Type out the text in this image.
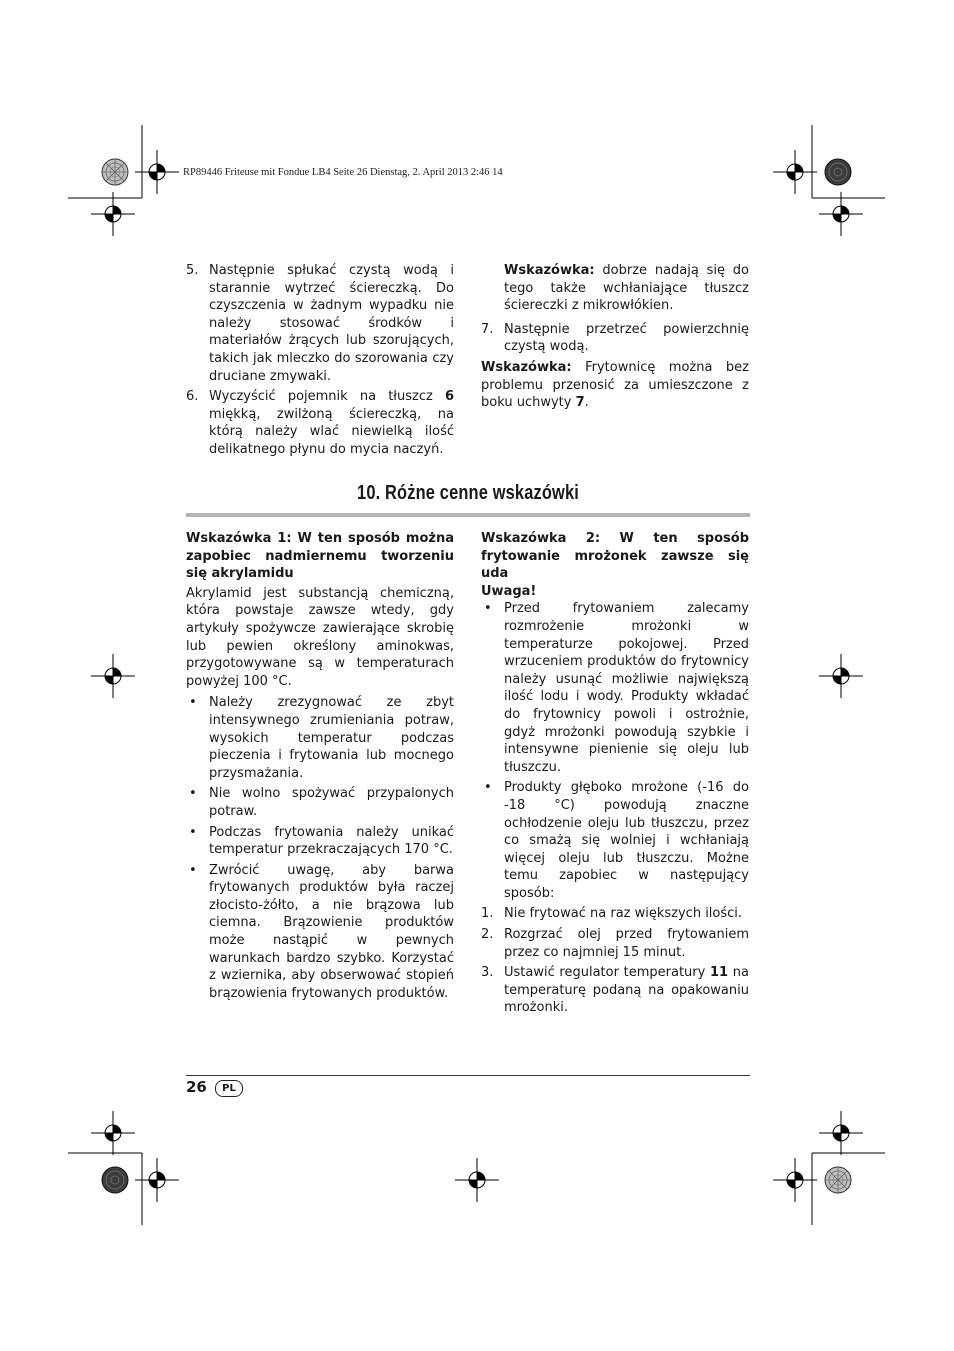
RP89446 Friteuse mit Fondue LB4 Seite 26 Dienstag, 2. April 2013 2:46 14
5. Następnie spłukać czystą wodą i starannie wytrzeć ściereczką. Do czyszczenia w żadnym wypadku nie należy stosować środków i materiałów żrących lub szorujących, takich jak mleczko do szorowania czy druciane zmywaki.
6. Wyczyścić pojemnik na tłuszcz 6 miękką, zwilżoną ściereczką, na którą należy wlać niewielką ilość delikatnego płynu do mycia naczyń.

Wskazówka: dobrze nadają się do tego także wchłaniające tłuszcz ściereczki z mikrowłókien.

7. Następnie przetrzeć powierzchnię czystą wodą.

Wskazówka: Frytownicę można bez problemu przenosić za umieszczone z boku uchwyty 7.

10. Różne cenne wskazówki

Wskazówka 1: W ten sposób można zapobiec nadmiernemu tworzeniu się akrylamidu

Akrylamid jest substancją chemiczną, która powstaje zawsze wtedy, gdy artykuły spożywcze zawierające skrobię lub pewien określony aminokwas, przygotowywane są w temperaturach powyżej 100 °C.

• Należy zrezygnować ze zbyt intensywnego zrumieniania potraw, wysokich temperatur podczas pieczenia i frytowania lub mocnego przysmażania.
• Nie wolno spożywać przypalonych potraw.
• Podczas frytowania należy unikać temperatur przekraczających 170 °C.
• Zwrócić uwagę, aby barwa frytowanych produktów była raczej złocisto-żółto, a nie brązowa lub ciemna. Brązowienie produktów może nastąpić w pewnych warunkach bardzo szybko. Korzystać z wziernika, aby obserwować stopień brązowienia frytowanych produktów.

Wskazówka 2: W ten sposób frytowanie mrożonek zawsze się uda

Uwaga!

• Przed frytowaniem zalecamy rozmrożenie mrożonki w temperaturze pokojowej. Przed wrzuceniem produktów do frytownicy należy usunąć możliwie największą ilość lodu i wody. Produkty wkładać do frytownicy powoli i ostrożnie, gdyż mrożonki powodują szybkie i intensywne pienienie się oleju lub tłuszczu.
• Produkty głęboko mrożone (-16 do -18 °C) powodują znaczne ochłodzenie oleju lub tłuszczu, przez co smażą się wolniej i wchłaniają więcej oleju lub tłuszczu. Możne temu zapobiec w następujący sposób:
1. Nie frytować na raz większych ilości.
2. Rozgrzać olej przed frytowaniem przez co najmniej 15 minut.
3. Ustawić regulator temperatury 11 na temperaturę podaną na opakowaniu mrożonki.
26	PL
